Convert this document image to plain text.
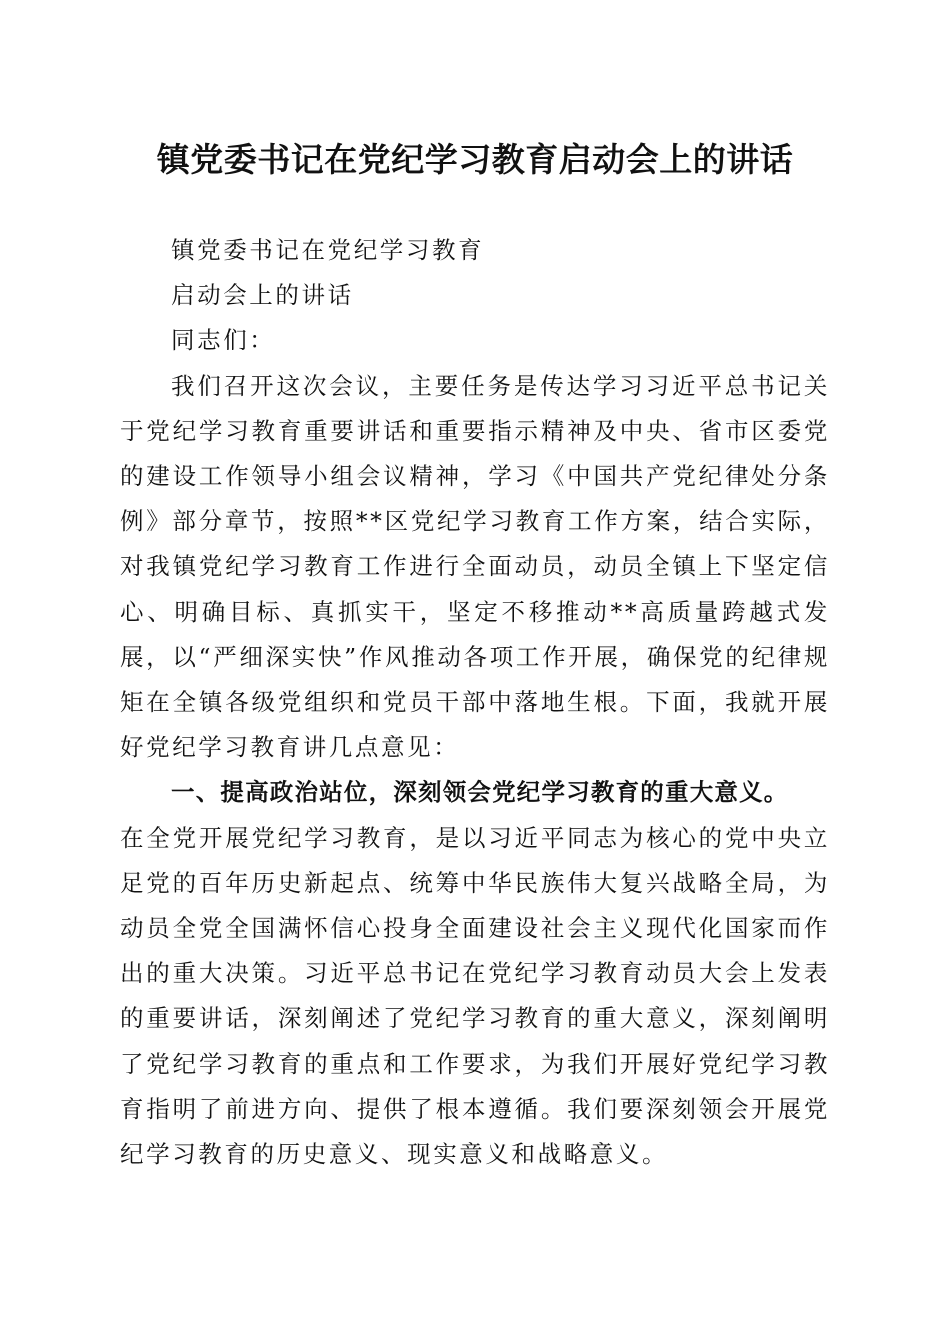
镇党委书记在党纪学习教育启动会上的讲话

镇党委书记在党纪学习教育

启动会上的讲话

同志们：

我们召开这次会议，主要任务是传达学习习近平总书记关于党纪学习教育重要讲话和重要指示精神及中央、省市区委党的建设工作领导小组会议精神，学习《中国共产党纪律处分条例》部分章节，按照**区党纪学习教育工作方案，结合实际，对我镇党纪学习教育工作进行全面动员，动员全镇上下坚定信心、明确目标、真抓实干，坚定不移推动**高质量跨越式发展，以“严细深实快”作风推动各项工作开展，确保党的纪律规矩在全镇各级党组织和党员干部中落地生根。下面，我就开展好党纪学习教育讲几点意见：

一、提高政治站位，深刻领会党纪学习教育的重大意义。

在全党开展党纪学习教育，是以习近平同志为核心的党中央立足党的百年历史新起点、统筹中华民族伟大复兴战略全局，为动员全党全国满怀信心投身全面建设社会主义现代化国家而作出的重大决策。习近平总书记在党纪学习教育动员大会上发表的重要讲话，深刻阐述了党纪学习教育的重大意义，深刻阐明了党纪学习教育的重点和工作要求，为我们开展好党纪学习教育指明了前进方向、提供了根本遵循。我们要深刻领会开展党纪学习教育的历史意义、现实意义和战略意义。
